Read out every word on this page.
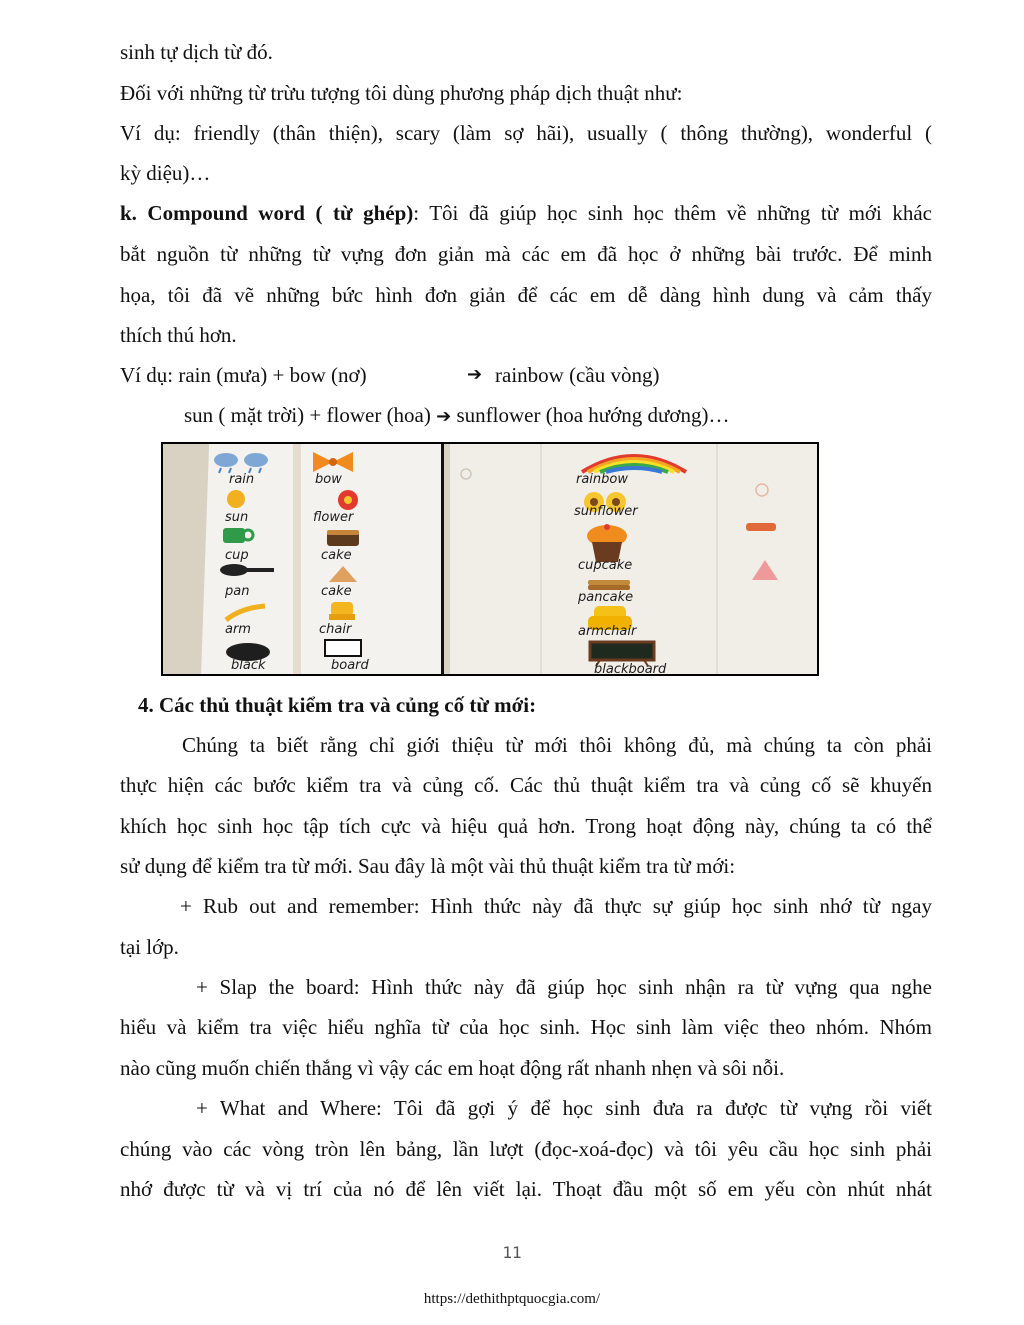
sinh tự dịch từ đó.
Đối với những từ trừu tượng tôi dùng phương pháp dịch thuật như:
Ví dụ: friendly (thân thiện), scary (làm sợ hãi), usually ( thông thường), wonderful (
kỳ diệu)…
k. Compound word ( từ ghép): Tôi đã giúp học sinh học thêm về những từ mới khác
bắt nguồn từ những từ vựng đơn giản mà các em đã học ở những bài trước. Để minh
họa, tôi đã vẽ những bức hình đơn giản để các em dễ dàng hình dung và cảm thấy
thích thú hơn.
Ví dụ: rain (mưa) + bow (nơ)	➔ rainbow (cầu vòng)
sun ( mặt trời) + flower (hoa) ➔ sunflower (hoa hướng dương)…
rain
sun
cup
pan
arm
black
bow
flower
cake
cake
chair
board
rainbow
sunflower
cupcake
pancake
armchair
blackboard
4. Các thủ thuật kiểm tra và củng cố từ mới:
Chúng ta biết rằng chỉ giới thiệu từ mới thôi không đủ, mà chúng ta còn phải
thực hiện các bước kiểm tra và củng cố. Các thủ thuật kiểm tra và củng cố sẽ khuyến
khích học sinh học tập tích cực và hiệu quả hơn. Trong hoạt động này, chúng ta có thể
sử dụng để kiểm tra từ mới. Sau đây là một vài thủ thuật kiểm tra từ mới:
+ Rub out and remember: Hình thức này đã thực sự giúp học sinh nhớ từ ngay
tại lớp.
+ Slap the board: Hình thức này đã giúp học sinh nhận ra từ vựng qua nghe
hiểu và kiểm tra việc hiểu nghĩa từ của học sinh. Học sinh làm việc theo nhóm. Nhóm
nào cũng muốn chiến thắng vì vậy các em hoạt động rất nhanh nhẹn và sôi nỗi.
+ What and Where: Tôi đã gợi ý để học sinh đưa ra được từ vựng rồi viết
chúng vào các vòng tròn lên bảng, lần lượt (đọc-xoá-đọc) và tôi yêu cầu học sinh phải
nhớ được từ và vị trí của nó để lên viết lại. Thoạt đầu một số em yếu còn nhút nhát
11
https://dethithptquocgia.com/
